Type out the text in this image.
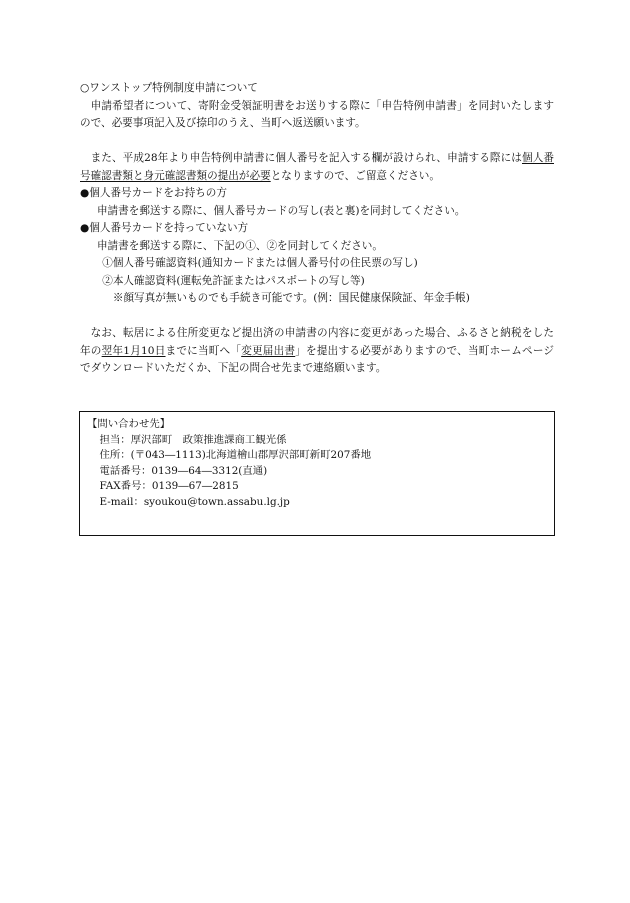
○ワンストップ特例制度申請について

申請希望者について、寄附金受領証明書をお送りする際に「申告特例申請書」を同封いたしますので、必要事項記入及び捺印のうえ、当町へ返送願います。

また、平成28年より申告特例申請書に個人番号を記入する欄が設けられ、申請する際には個人番号確認書類と身元確認書類の提出が必要となりますので、ご留意ください。

●個人番号カードをお持ちの方

申請書を郵送する際に、個人番号カードの写し(表と裏)を同封してください。

●個人番号カードを持っていない方

申請書を郵送する際に、下記の①、②を同封してください。

①個人番号確認資料(通知カードまたは個人番号付の住民票の写し)

②本人確認資料(運転免許証またはパスポートの写し等)

※顔写真が無いものでも手続き可能です。(例：国民健康保険証、年金手帳)

なお、転居による住所変更など提出済の申請書の内容に変更があった場合、ふるさと納税をした年の翌年1月10日までに当町へ「変更届出書」を提出する必要がありますので、当町ホームページでダウンロードいただくか、下記の問合せ先まで連絡願います。

【問い合わせ先】
担当：厚沢部町　政策推進課商工観光係
住所：(〒043―1113)北海道檜山郡厚沢部町新町207番地
電話番号：0139―64―3312(直通)
FAX番号：0139―67―2815
E-mail：syoukou@town.assabu.lg.jp
